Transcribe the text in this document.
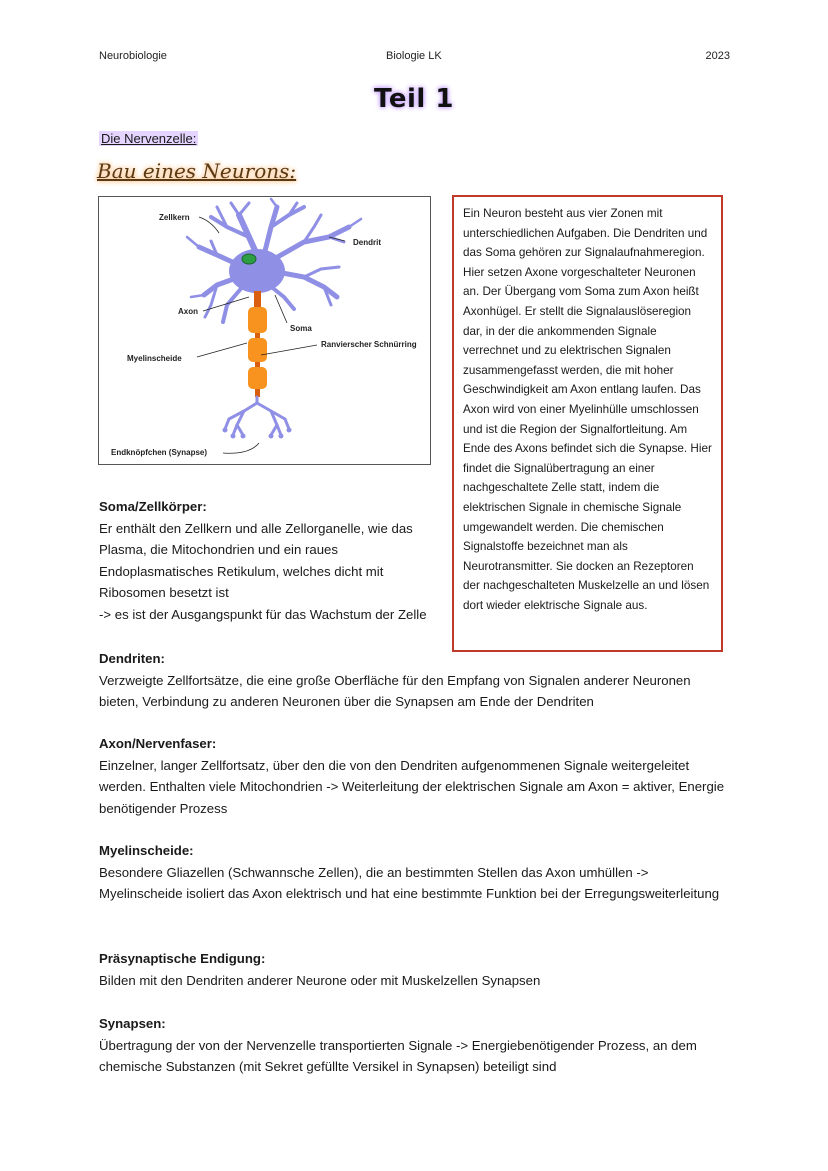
Neurobiologie	Biologie LK	2023
Teil 1
Die Nervenzelle:
Bau eines Neurons:
Zellkern
Dendrit
Axon
Soma
Ranvierscher Schnürring
Myelinscheide
Endknöpfchen (Synapse)
Ein Neuron besteht aus vier Zonen mit unterschiedlichen Aufgaben. Die Dendriten und das Soma gehören zur Signalaufnahmeregion. Hier setzen Axone vorgeschalteter Neuronen an. Der Übergang vom Soma zum Axon heißt Axonhügel. Er stellt die Signalauslöseregion dar, in der die ankommenden Signale verrechnet und zu elektrischen Signalen zusammengefasst werden, die mit hoher Geschwindigkeit am Axon entlang laufen. Das Axon wird von einer Myelinhülle umschlossen und ist die Region der Signalfortleitung. Am Ende des Axons befindet sich die Synapse. Hier findet die Signalübertragung an einer nachgeschaltete Zelle statt, indem die elektrischen Signale in chemische Signale umgewandelt werden. Die chemischen Signalstoffe bezeichnet man als Neurotransmitter. Sie docken an Rezeptoren der nachgeschalteten Muskelzelle an und lösen dort wieder elektrische Signale aus.
Soma/Zellkörper:
Er enthält den Zellkern und alle Zellorganelle, wie das Plasma, die Mitochondrien und ein raues Endoplasmatisches Retikulum, welches dicht mit Ribosomen besetzt ist
-> es ist der Ausgangspunkt für das Wachstum der Zelle
Dendriten:
Verzweigte Zellfortsätze, die eine große Oberfläche für den Empfang von Signalen anderer Neuronen bieten, Verbindung zu anderen Neuronen über die Synapsen am Ende der Dendriten
Axon/Nervenfaser:
Einzelner, langer Zellfortsatz, über den die von den Dendriten aufgenommenen Signale weitergeleitet werden. Enthalten viele Mitochondrien -> Weiterleitung der elektrischen Signale am Axon = aktiver, Energie benötigender Prozess
Myelinscheide:
Besondere Gliazellen (Schwannsche Zellen), die an bestimmten Stellen das Axon umhüllen -> Myelinscheide isoliert das Axon elektrisch und hat eine bestimmte Funktion bei der Erregungsweiterleitung
Präsynaptische Endigung:
Bilden mit den Dendriten anderer Neurone oder mit Muskelzellen Synapsen
Synapsen:
Übertragung der von der Nervenzelle transportierten Signale -> Energiebenötigender Prozess, an dem chemische Substanzen (mit Sekret gefüllte Versikel in Synapsen) beteiligt sind
